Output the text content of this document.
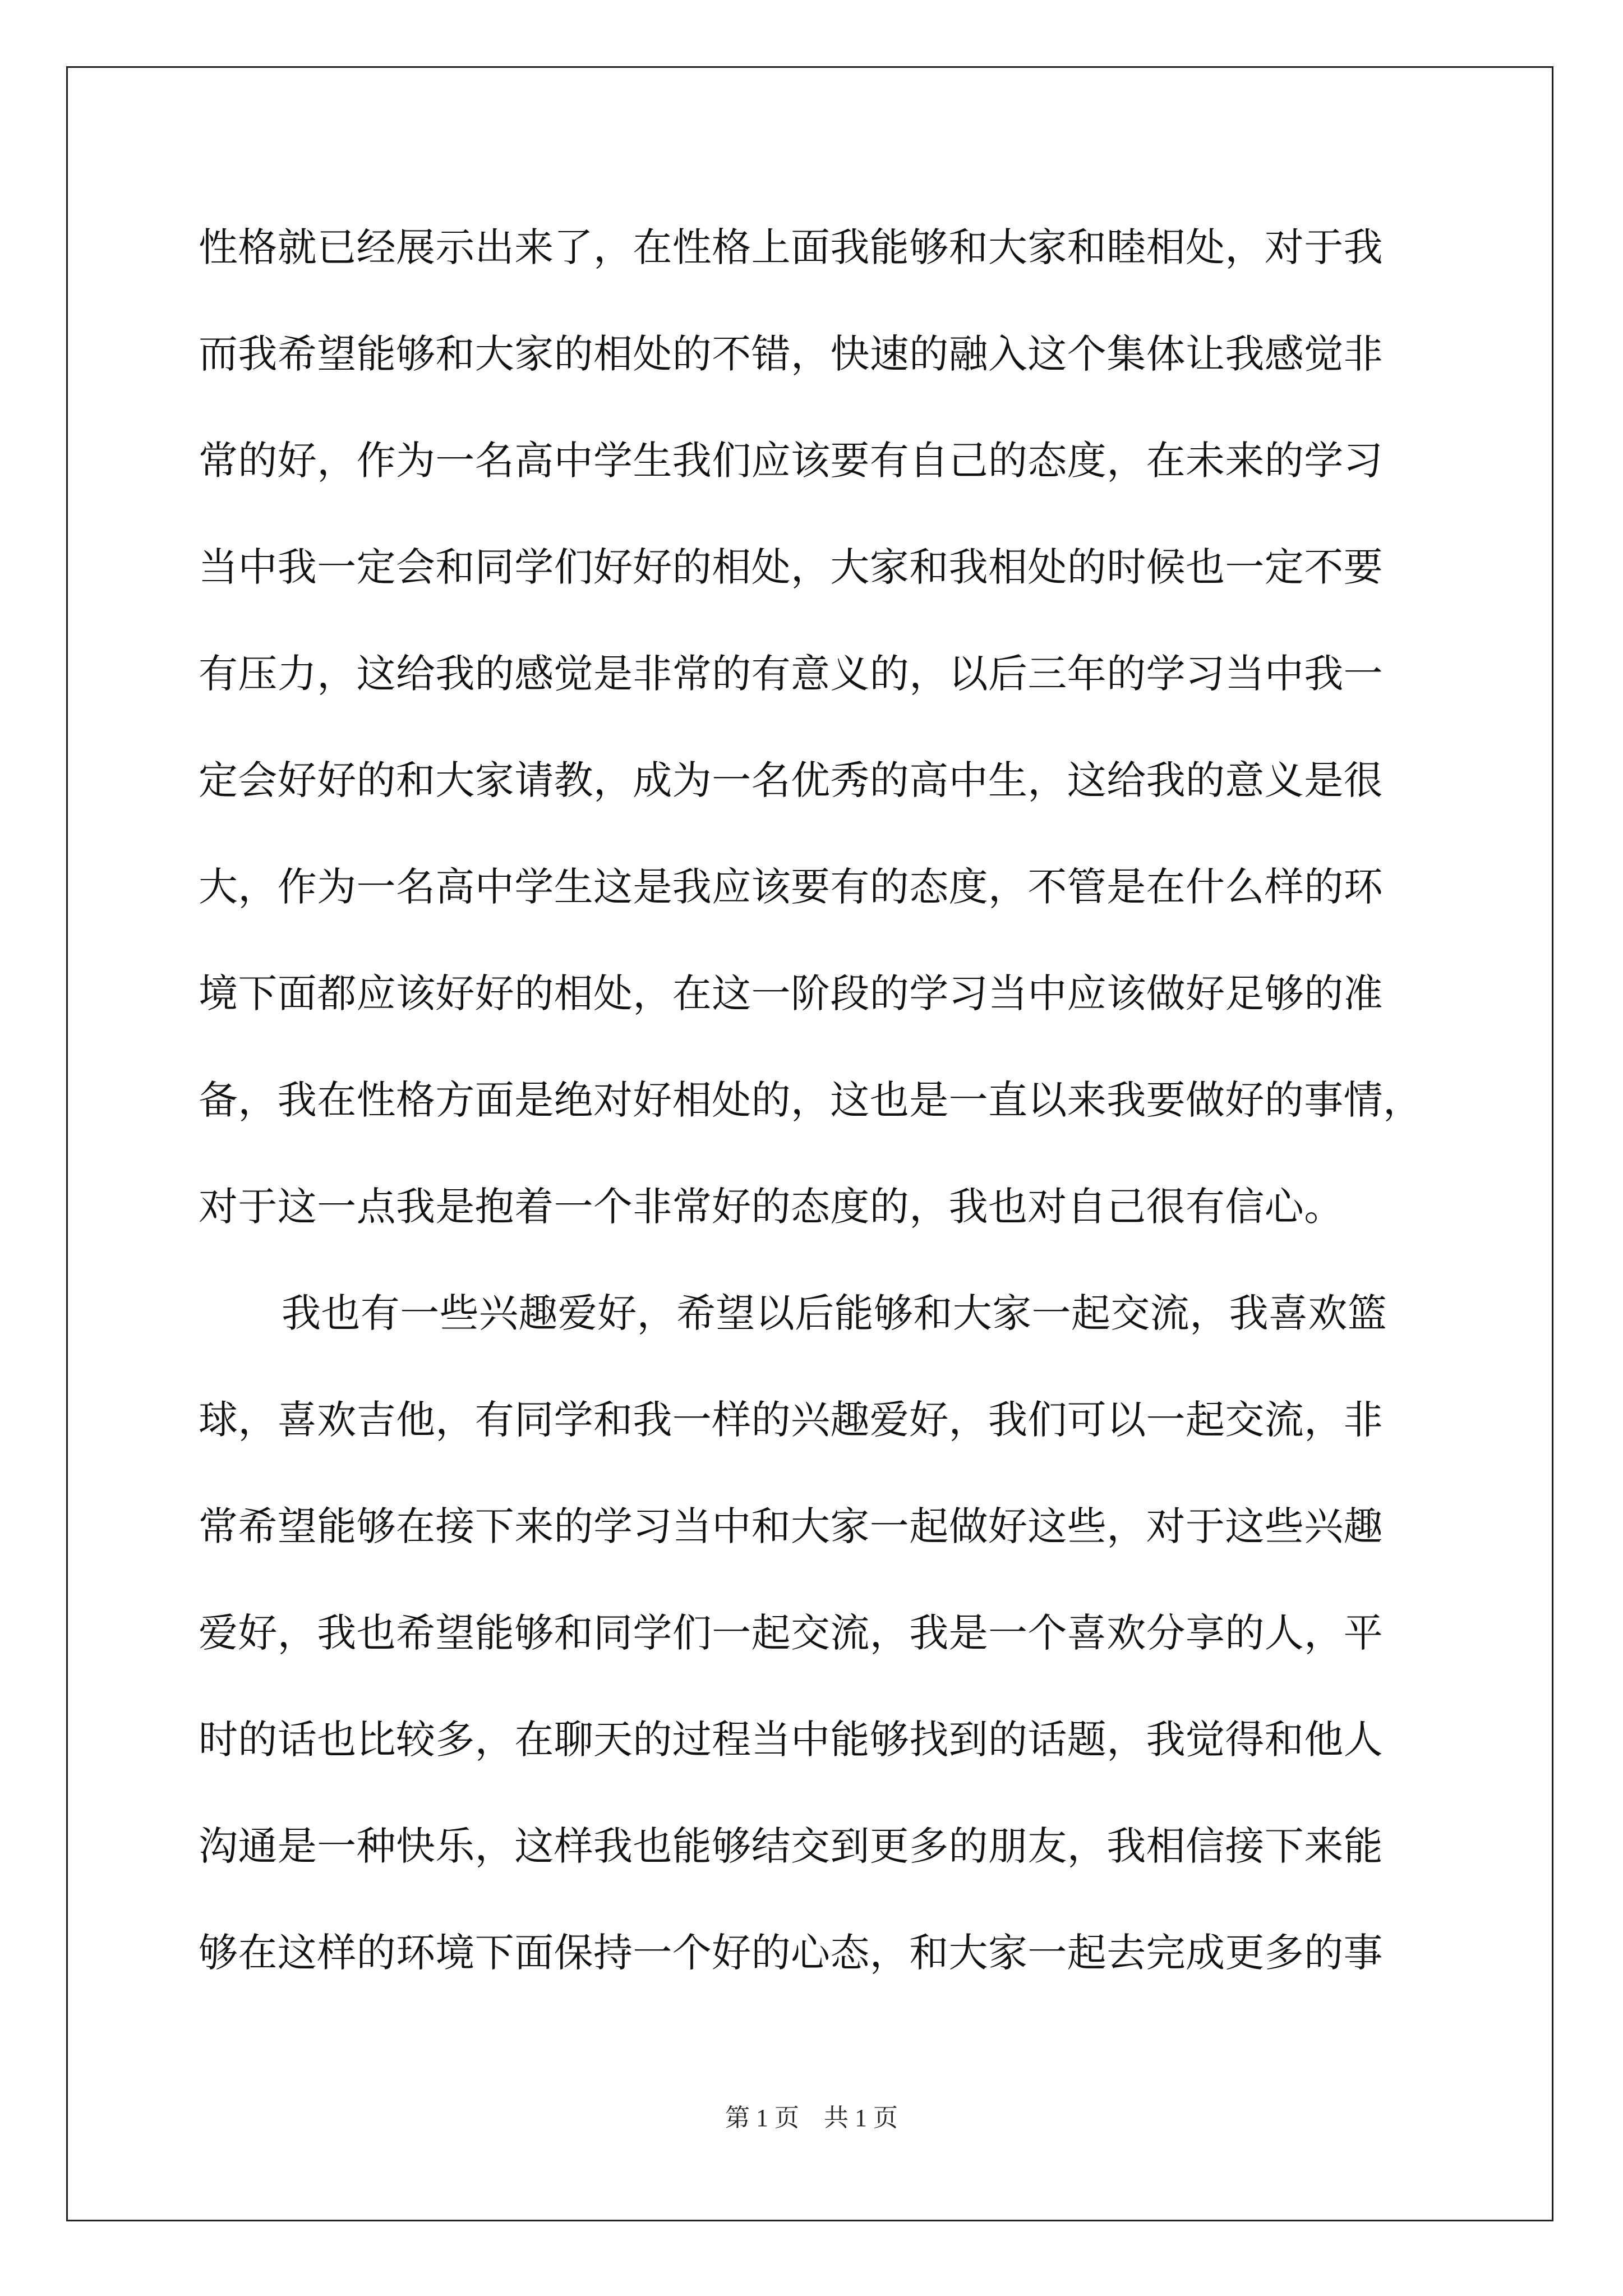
性格就已经展示出来了，在性格上面我能够和大家和睦相处，对于我
而我希望能够和大家的相处的不错，快速的融入这个集体让我感觉非
常的好，作为一名高中学生我们应该要有自己的态度，在未来的学习
当中我一定会和同学们好好的相处，大家和我相处的时候也一定不要
有压力，这给我的感觉是非常的有意义的，以后三年的学习当中我一
定会好好的和大家请教，成为一名优秀的高中生，这给我的意义是很
大，作为一名高中学生这是我应该要有的态度，不管是在什么样的环
境下面都应该好好的相处，在这一阶段的学习当中应该做好足够的准
备，我在性格方面是绝对好相处的，这也是一直以来我要做好的事情，
对于这一点我是抱着一个非常好的态度的，我也对自己很有信心。
我也有一些兴趣爱好，希望以后能够和大家一起交流，我喜欢篮
球，喜欢吉他，有同学和我一样的兴趣爱好，我们可以一起交流，非
常希望能够在接下来的学习当中和大家一起做好这些，对于这些兴趣
爱好，我也希望能够和同学们一起交流，我是一个喜欢分享的人，平
时的话也比较多，在聊天的过程当中能够找到的话题，我觉得和他人
沟通是一种快乐，这样我也能够结交到更多的朋友，我相信接下来能
够在这样的环境下面保持一个好的心态，和大家一起去完成更多的事
第 1 页    共 1 页
